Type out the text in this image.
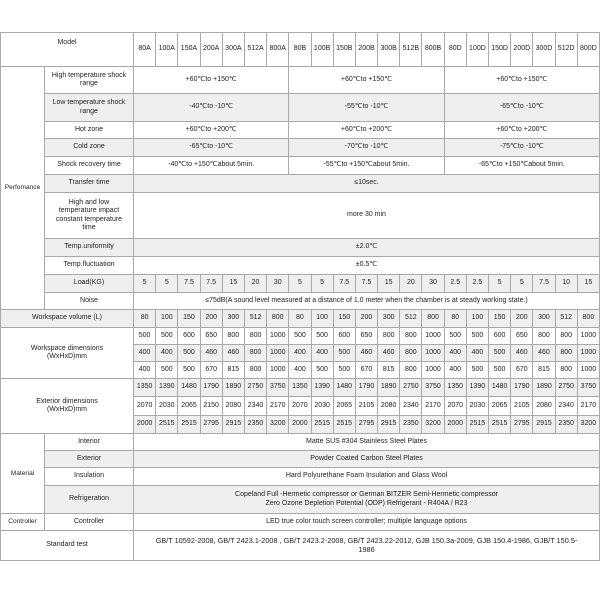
Model		80A	100A	150A	200A	300A	512A	800A	80B	100B	150B	200B	300B	512B	800B	80D	100D	150D	200D	300D	512D	800D
Perfomance	High temperature shock range	+60℃to +150℃							+60℃to +150℃							+60℃to +150℃						
	Low temperature shock range	-40℃to -10℃							-55℃to -10℃							-65℃to -10℃						
	Hot zone	+60℃to +200℃							+60℃to +200℃							+60℃to +200℃						
	Cold zone	-65℃to -10℃							-70℃to -10℃							-75℃to -10℃						
	Shock recovery time	-40℃to +150℃about 5min.							-55℃to +150℃about 5min.							-65℃to +150℃about 5min.						
	Transfer time	≤10sec.																				
	High and low temperature impact constant temperature time	more 30 min																				
	Temp.uniformity	±2.0℃																				
	Temp.fluctuation	±0.5℃																				
	Load(KG)	5	5	7.5	7.5	15	20	30	5	5	7.5	7.5	15	20	30	2.5	2.5	5	5	7.5	10	15
	Noise	≤75dB(A sound level measured at a distance of 1.0 meter when the chamber is at steady working state.)																				
Workspace volume (L)		80	100	150	200	300	512	800	80	100	150	200	300	512	800	80	100	150	200	300	512	800
Workspace dimensions (WxHxD)mm		500	500	600	650	800	800	1000	500	500	600	650	800	800	1000	500	500	600	650	800	800	1000
		400	400	500	460	460	800	1000	400	400	500	460	460	800	1000	400	400	500	460	460	800	1000
		400	500	500	670	815	800	1000	400	500	500	670	815	800	1000	400	500	500	670	815	800	1000
Exterior dimensions (WxHxD)mm		1350	1390	1480	1790	1890	2750	3750	1350	1390	1480	1790	1890	2750	3750	1350	1390	1480	1790	1890	2750	3750
		2070	2030	2065	2150	2080	2340	2170	2070	2030	2065	2105	2080	2340	2170	2070	2030	2065	2105	2080	2340	2170
		2000	2515	2515	2795	2915	2350	3200	2000	2515	2515	2795	2915	2350	3200	2000	2515	2515	2795	2915	2350	3200
Material	Interior	Matte SUS #304 Stainless Steel Plates																				
	Exterior	Powder Coated Carbon Steel Plates																				
	Insulation	Hard Polyurethane Foam Insulation and Glass Wool																				
	Refrigeration	Copeland Full -Hermetic compressor or German BITZER Semi-Hermetic compressor
Zero Ozone Depletion Potential (ODP) Refrigerant - R404A / R23																				

Controller	Controller	LED true color touch screen controller; multiple language options																				
Standard test		GB/T 10592-2008, GB/T 2423.1-2008 , GB/T 2423.2-2008, GB/T 2423.22-2012, GJB 150.3a-2009, GJB 150.4-1986, GJB/T 150.5-1986																				
